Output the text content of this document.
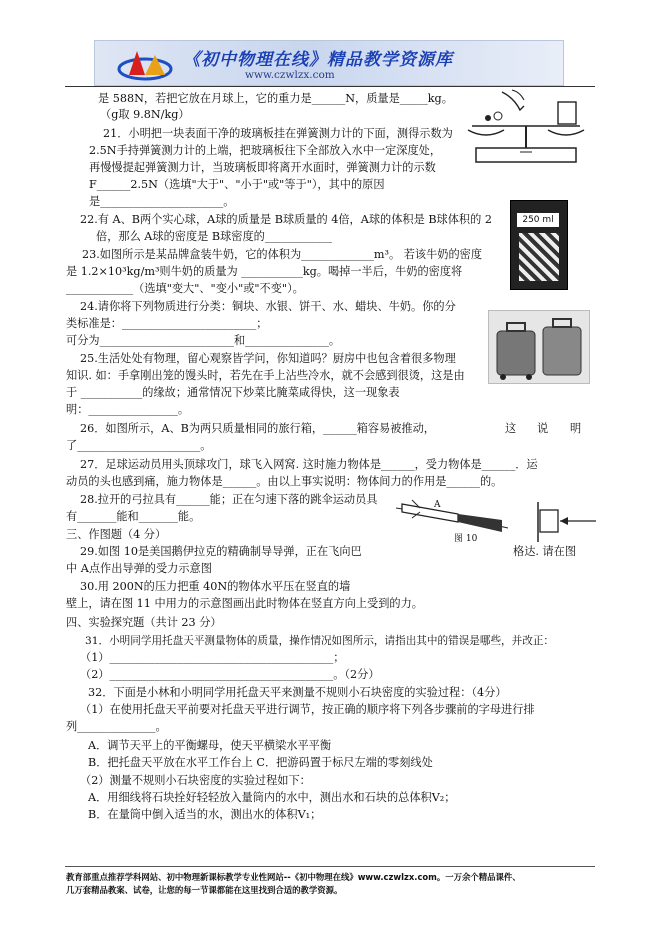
《初中物理在线》精品教学资源库
www.czwlzx.com
250 ml
A
图 10
是 588N，若把它放在月球上，它的重力是______N，质量是_____kg。
（g取 9.8N/kg）
21．小明把一块表面干净的玻璃板挂在弹簧测力计的下面，测得示数为
2.5N手持弹簧测力计的上端，把玻璃板往下全部放入水中一定深度处，
再慢慢提起弹簧测力计，当玻璃板即将离开水面时，弹簧测力计的示数
F______2.5N（选填"大于"、"小于"或"等于"），其中的原因
是______________________。
22.有 A、B两个实心球，A球的质量是 B球质量的 4倍，A球的体积是 B球体积的 2
倍，那么 A球的密度是 B球密度的____________
23.如图所示是某品牌盒装牛奶，它的体积为_____________m³。 若该牛奶的密度
是 1.2×10³kg/m³则牛奶的质量为 ___________kg。喝掉一半后，牛奶的密度将
____________（选填"变大"、"变小"或"不变"）。
24.请你将下列物质进行分类：铜块、水银、饼干、水、蜡块、牛奶。你的分
类标准是：________________________；
可分为________________________和_______________。
25.生活处处有物理，留心观察皆学问，你知道吗？厨房中也包含着很多物理
知识. 如：手拿刚出笼的馒头时，若先在手上沾些冷水，就不会感到很烫，这是由
于 ___________的缘故；通常情况下炒菜比腌菜咸得快，这一现象表
明：________________。
26．如图所示，A、B为两只质量相同的旅行箱，______箱容易被推动，	这 说 明
了______________________。
27．足球运动员用头顶球攻门，球飞入网窝. 这时施力物体是______，受力物体是______．运
动员的头也感到痛，施力物体是______。由以上事实说明：物体间力的作用是______的。
28.拉开的弓拉具有______能；正在匀速下落的跳伞运动员具
有_______能和_______能。
三、作图题（4 分）
29.如图 10是美国鹅伊拉克的精确制导导弹，正在飞向巴	格达. 请在图
中 A点作出导弹的受力示意图
30.用 200N的压力把重 40N的物体水平压在竖直的墙
壁上，请在图 11 中用力的示意图画出此时物体在竖直方向上受到的力。
四、实验探究题（共计 23 分）
31．小明同学用托盘天平测量物体的质量，操作情况如图所示，请指出其中的错误是哪些，并改正：
（1）________________________________________；
（2）________________________________________。（2分）
32．下面是小林和小明同学用托盘天平来测量不规则小石块密度的实验过程：（4分）
（1）在使用托盘天平前要对托盘天平进行调节，按正确的顺序将下列各步骤前的字母进行排
列______________。
A．调节天平上的平衡螺母，使天平横梁水平平衡
B．把托盘天平放在水平工作台上 C．把游码置于标尺左端的零刻线处
（2）测量不规则小石块密度的实验过程如下：
A．用细线将石块拴好轻轻放入量筒内的水中，测出水和石块的总体积V₂；
B．在量筒中倒入适当的水，测出水的体积V₁；
教育部重点推荐学科网站、初中物理新课标教学专业性网站--《初中物理在线》www.czwlzx.com。一万余个精品课件、
几万套精品教案、试卷，让您的每一节课都能在这里找到合适的教学资源。
